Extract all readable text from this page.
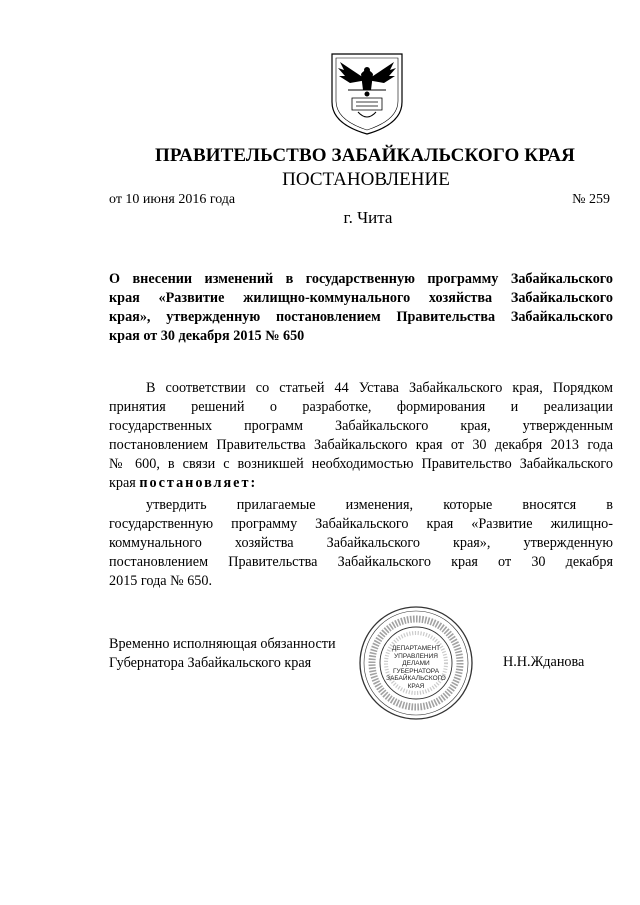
ПРАВИТЕЛЬСТВО ЗАБАЙКАЛЬСКОГО КРАЯ
ПОСТАНОВЛЕНИЕ
от 10 июня 2016 года	№ 259
г. Чита
О внесении изменений в государственную программу Забайкальского
края «Развитие жилищно-коммунального хозяйства Забайкальского
края», утвержденную постановлением Правительства Забайкальского
края от 30 декабря 2015 № 650
В соответствии со статьей 44 Устава Забайкальского края, Порядком
принятия решений о разработке, формирования и реализации
государственных программ Забайкальского края, утвержденным
постановлением Правительства Забайкальского края от 30 декабря 2013 года
№ 600, в связи с возникшей необходимостью Правительство Забайкальского
края постановляет:
утвердить прилагаемые изменения, которые вносятся в
государственную программу Забайкальского края «Развитие жилищно-
коммунального хозяйства Забайкальского края», утвержденную
постановлением Правительства Забайкальского края от 30 декабря
2015 года № 650.
Временно исполняющая обязанности
Губернатора Забайкальского края
ДЕПАРТАМЕНТ
УПРАВЛЕНИЯ
ДЕЛАМИ
ГУБЕРНАТОРА
ЗАБАЙКАЛЬСКОГО
КРАЯ
Н.Н.Жданова
